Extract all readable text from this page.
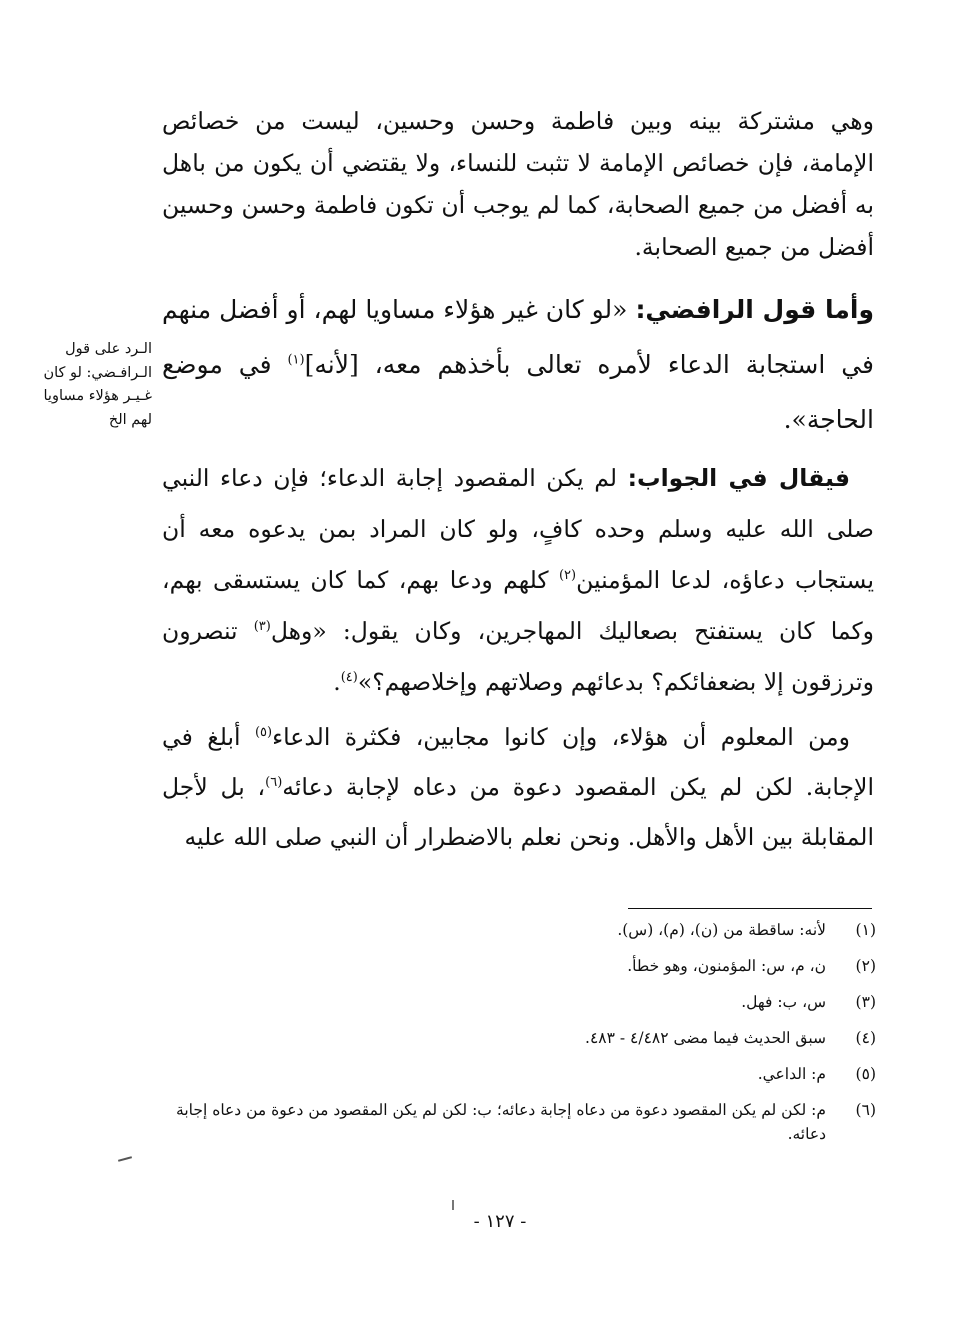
وهي مشتركة بينه وبين فاطمة وحسن وحسين، ليست من خصائص الإمامة، فإن خصائص الإمامة لا تثبت للنساء، ولا يقتضي أن يكون من باهل به أفضل من جميع الصحابة، كما لم يوجب أن تكون فاطمة وحسن وحسين أفضل من جميع الصحابة.

وأما قول الرافضي: «لو كان غير هؤلاء مساويا لهم، أو أفضل منهم في استجابة الدعاء لأمره تعالى بأخذهم معه، [لأنه]$^{(١)}$ في موضع الحاجة».

فيقال في الجواب: لم يكن المقصود إجابة الدعاء؛ فإن دعاء النبي صلى الله عليه وسلم وحده كافٍ، ولو كان المراد بمن يدعوه معه أن يستجاب دعاؤه، لدعا المؤمنين$^{(٢)}$ كلهم ودعا بهم، كما كان يستسقى بهم، وكما كان يستفتح بصعاليك المهاجرين، وكان يقول: «وهل$^{(٣)}$ تنصرون وترزقون إلا بضعفائكم؟ بدعائهم وصلاتهم وإخلاصهم؟»$^{(٤)}$.

ومن المعلوم أن هؤلاء، وإن كانوا مجابين، فكثرة الدعاء$^{(٥)}$ أبلغ في الإجابة. لكن لم يكن المقصود دعوة من دعاه لإجابة دعائه$^{(٦)}$، بل لأجل المقابلة بين الأهل والأهل. ونحن نعلم بالاضطرار أن النبي صلى الله عليه

الـرد على قول الـرافـضي: لو كان غـيـر هؤلاء مساويا لهم الخ
(١)
لأنه: ساقطة من (ن)، (م)، (س).
(٢)
ن، م، س: المؤمنون، وهو خطأ.
(٣)
س، ب: فهل.
(٤)
سبق الحديث فيما مضى ٤/٤٨٢ - ٤٨٣.
(٥)
م: الداعي.
(٦)
م: لكن لم يكن المقصود دعوة من دعاه إجابة دعائه؛ ب: لكن لم يكن المقصود من دعوة من دعاه إجابة دعائه.
- ١٢٧ -
